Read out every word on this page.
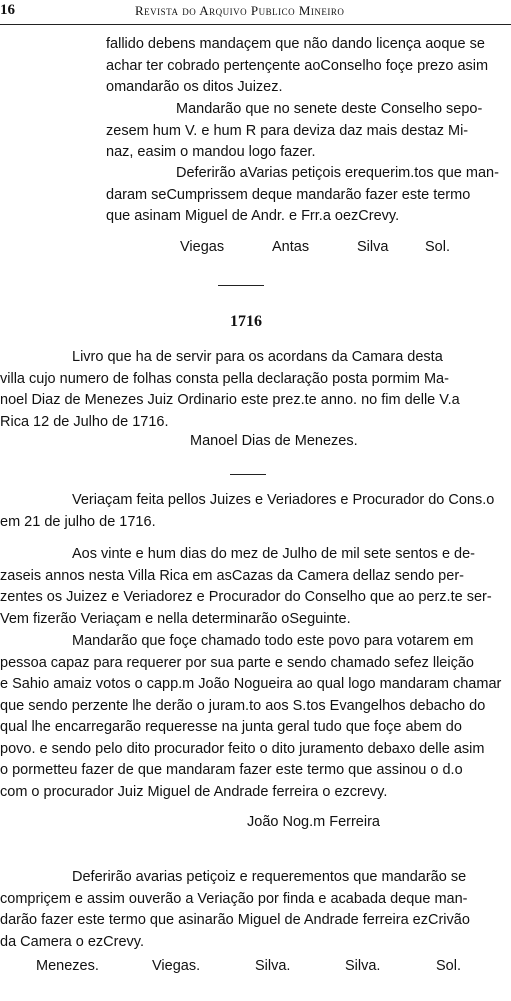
16	Revista do Arquivo Publico Mineiro
fallido debens mandaçem que não dando licença aoque se
achar ter cobrado pertençente aoConselho foçe prezo asim
omandarão os ditos Juizez.
Mandarão que no senete deste Conselho sepo-
zesem hum V. e hum R para deviza daz mais destaz Mi-
naz, easim o mandou logo fazer.
Deferirão aVarias petiçois erequerim.tos que man-
daram seCumprissem deque mandarão fazer este termo
que asinam Miguel de Andr. e Frr.a oezCrevy.
Viegas	Antas	Silva	Sol.
1716
Livro que ha de servir para os acordans da Camara desta
villa cujo numero de folhas consta pella declaração posta pormim Ma-
noel Diaz de Menezes Juiz Ordinario este prez.te anno. no fim delle V.a
Rica 12 de Julho de 1716.
Manoel Dias de Menezes.
Veriaçam feita pellos Juizes e Veriadores e Procurador do Cons.o
em 21 de julho de 1716.
Aos vinte e hum dias do mez de Julho de mil sete sentos e de-
zaseis annos nesta Villa Rica em asCazas da Camera dellaz sendo per-
zentes os Juizez e Veriadorez e Procurador do Conselho que ao perz.te ser-
Vem fizerão Veriaçam e nella determinarão oSeguinte.
Mandarão que foçe chamado todo este povo para votarem em
pessoa capaz para requerer por sua parte e sendo chamado sefez lleição
e Sahio amaiz votos o capp.m João Nogueira ao qual logo mandaram chamar
que sendo perzente lhe derão o juram.to aos S.tos Evangelhos debacho do
qual lhe encarregarão requeresse na junta geral tudo que foçe abem do
povo. e sendo pelo dito procurador feito o dito juramento debaxo delle asim
o pormetteu fazer de que mandaram fazer este termo que assinou o d.o
com o procurador Juiz Miguel de Andrade ferreira o ezcrevy.
João Nog.m Ferreira
Deferirão avarias petiçoiz e requerementos que mandarão se
compriçem e assim ouverão a Veriação por finda e acabada deque man-
darão fazer este termo que asinarão Miguel de Andrade ferreira ezCrivão
da Camera o ezCrevy.
Menezes.	Viegas.	Silva.	Silva.	Sol.
